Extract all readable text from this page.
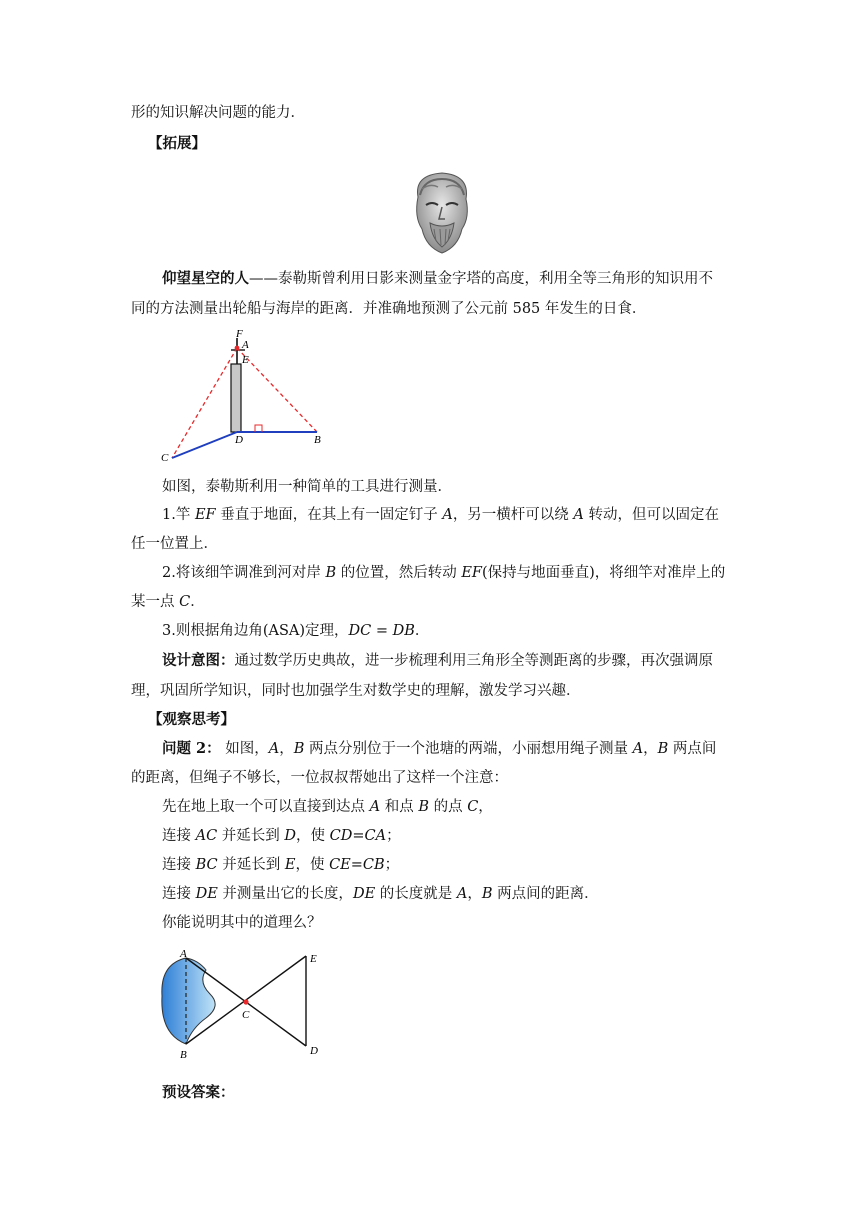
形的知识解决问题的能力．
【拓展】
仰望星空的人——泰勒斯曾利用日影来测量金字塔的高度，利用全等三角形的知识用不
同的方法测量出轮船与海岸的距离．并准确地预测了公元前 585 年发生的日食．
F
A
E
D	B
C
如图，泰勒斯利用一种简单的工具进行测量．
1.竿 EF 垂直于地面，在其上有一固定钉子 A，另一横杆可以绕 A 转动，但可以固定在
任一位置上．
2.将该细竿调准到河对岸 B 的位置，然后转动 EF(保持与地面垂直)，将细竿对准岸上的
某一点 C．
3.则根据角边角(ASA)定理，DC = DB．
设计意图：通过数学历史典故，进一步梳理利用三角形全等测距离的步骤，再次强调原
理，巩固所学知识，同时也加强学生对数学史的理解，激发学习兴趣．
【观察思考】
问题 2： 如图，A，B 两点分别位于一个池塘的两端，小丽想用绳子测量 A，B 两点间
的距离，但绳子不够长，一位叔叔帮她出了这样一个注意：
先在地上取一个可以直接到达点 A 和点 B 的点 C，
连接 AC 并延长到 D，使 CD=CA；
连接 BC 并延长到 E，使 CE=CB；
连接 DE 并测量出它的长度，DE 的长度就是 A，B 两点间的距离．
你能说明其中的道理么？
A
B
C
D
E
预设答案：
